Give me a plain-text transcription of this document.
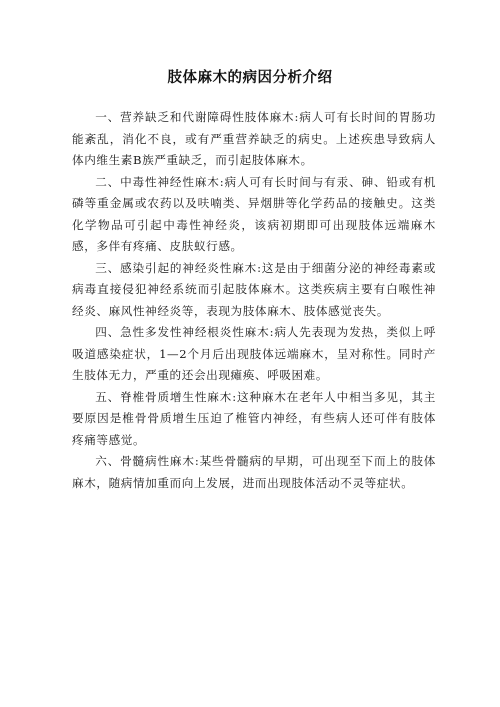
肢体麻木的病因分析介绍

一、营养缺乏和代谢障碍性肢体麻木:病人可有长时间的胃肠功能紊乱，消化不良，或有严重营养缺乏的病史。上述疾患导致病人体内维生素B族严重缺乏，而引起肢体麻木。

二、中毒性神经性麻木:病人可有长时间与有汞、砷、铅或有机磷等重金属或农药以及呋喃类、异烟肼等化学药品的接触史。这类化学物品可引起中毒性神经炎，该病初期即可出现肢体远端麻木感，多伴有疼痛、皮肤蚁行感。

三、感染引起的神经炎性麻木:这是由于细菌分泌的神经毒素或病毒直接侵犯神经系统而引起肢体麻木。这类疾病主要有白喉性神经炎、麻风性神经炎等，表现为肢体麻木、肢体感觉丧失。

四、急性多发性神经根炎性麻木:病人先表现为发热，类似上呼吸道感染症状，1—2个月后出现肢体远端麻木，呈对称性。同时产生肢体无力，严重的还会出现瘫痪、呼吸困难。

五、脊椎骨质增生性麻木:这种麻木在老年人中相当多见，其主要原因是椎骨骨质增生压迫了椎管内神经，有些病人还可伴有肢体疼痛等感觉。

六、骨髓病性麻木:某些骨髓病的早期，可出现至下而上的肢体麻木，随病情加重而向上发展，进而出现肢体活动不灵等症状。
